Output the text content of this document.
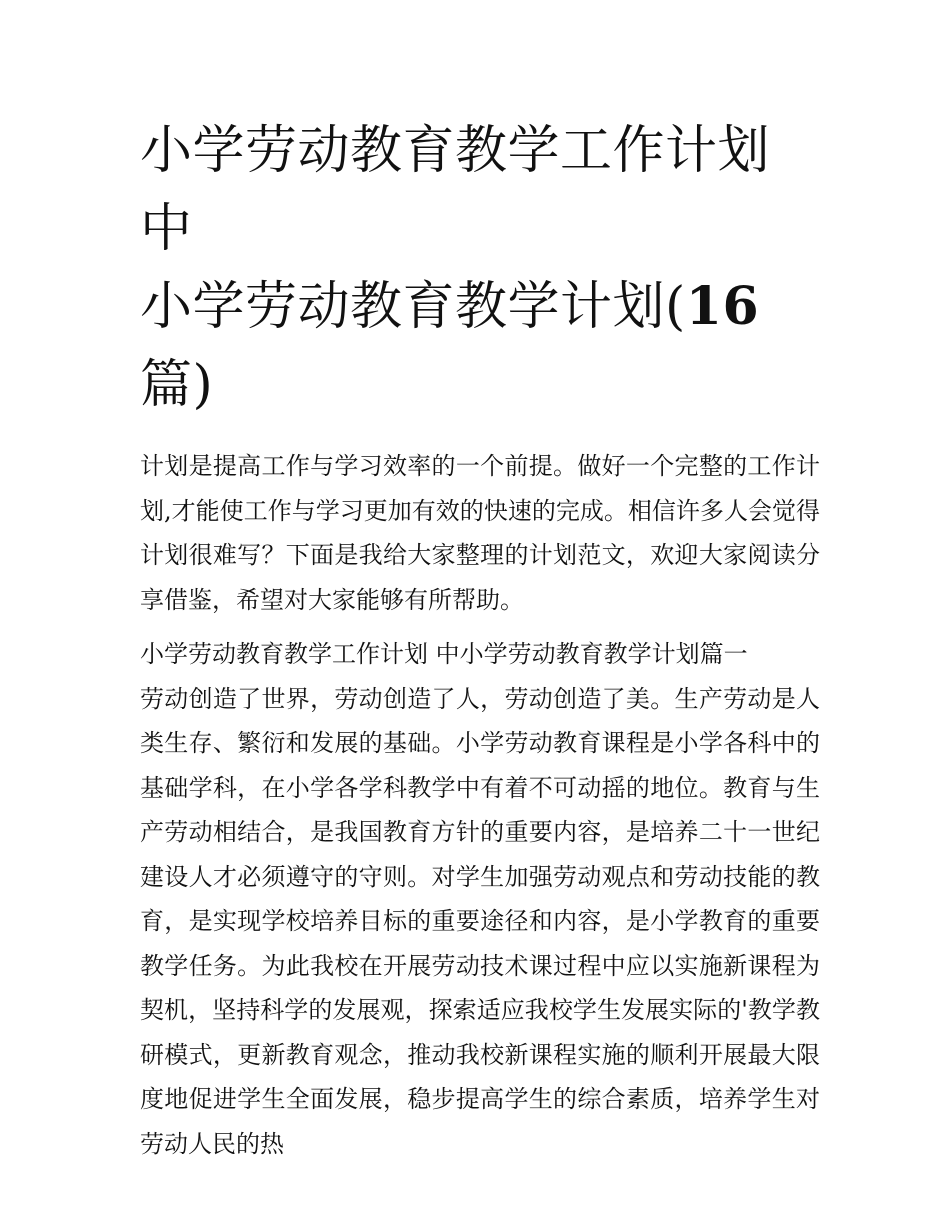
小学劳动教育教学工作计划 中
小学劳动教育教学计划(16 篇)

计划是提高工作与学习效率的一个前提。做好一个完整的工作计划,才能使工作与学习更加有效的快速的完成。相信许多人会觉得计划很难写？下面是我给大家整理的计划范文，欢迎大家阅读分享借鉴，希望对大家能够有所帮助。

小学劳动教育教学工作计划 中小学劳动教育教学计划篇一

劳动创造了世界，劳动创造了人，劳动创造了美。生产劳动是人类生存、繁衍和发展的基础。小学劳动教育课程是小学各科中的基础学科，在小学各学科教学中有着不可动摇的地位。教育与生产劳动相结合，是我国教育方针的重要内容，是培养二十一世纪建设人才必须遵守的守则。对学生加强劳动观点和劳动技能的教育，是实现学校培养目标的重要途径和内容，是小学教育的重要教学任务。为此我校在开展劳动技术课过程中应以实施新课程为契机，坚持科学的发展观，探索适应我校学生发展实际的'教学教研模式，更新教育观念，推动我校新课程实施的顺利开展最大限度地促进学生全面发展，稳步提高学生的综合素质，培养学生对劳动人民的热
